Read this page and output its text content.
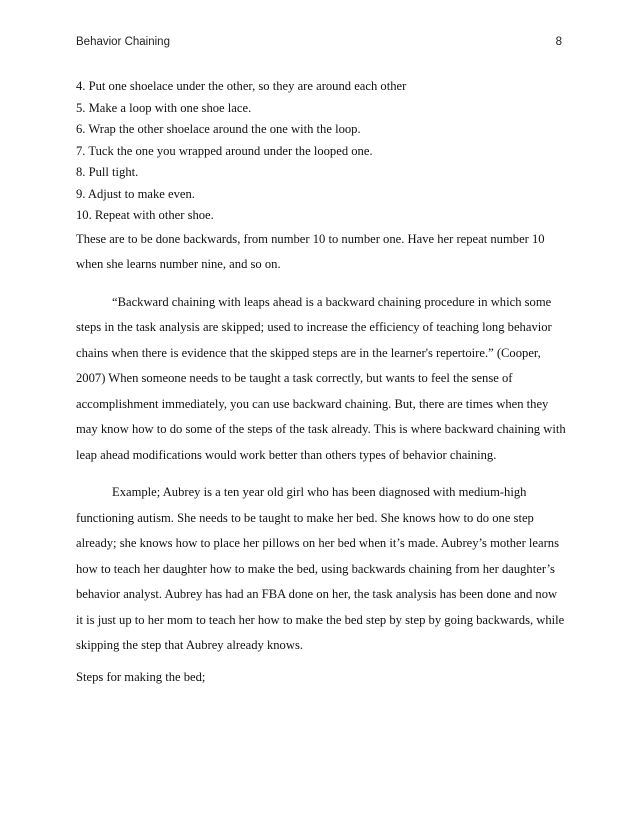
Behavior Chaining	8
4. Put one shoelace under the other, so they are around each other
5. Make a loop with one shoe lace.
6. Wrap the other shoelace around the one with the loop.
7. Tuck the one you wrapped around under the looped one.
8. Pull tight.
9. Adjust to make even.
10. Repeat with other shoe.
These are to be done backwards, from number 10 to number one. Have her repeat number 10
when she learns number nine, and so on.
“Backward chaining with leaps ahead is a backward chaining procedure in which some
steps in the task analysis are skipped; used to increase the efficiency of teaching long behavior
chains when there is evidence that the skipped steps are in the learner's repertoire.” (Cooper,
2007) When someone needs to be taught a task correctly, but wants to feel the sense of
accomplishment immediately, you can use backward chaining. But, there are times when they
may know how to do some of the steps of the task already. This is where backward chaining with
leap ahead modifications would work better than others types of behavior chaining.
Example; Aubrey is a ten year old girl who has been diagnosed with medium-high
functioning autism. She needs to be taught to make her bed. She knows how to do one step
already; she knows how to place her pillows on her bed when it’s made. Aubrey’s mother learns
how to teach her daughter how to make the bed, using backwards chaining from her daughter’s
behavior analyst. Aubrey has had an FBA done on her, the task analysis has been done and now
it is just up to her mom to teach her how to make the bed step by step by going backwards, while
skipping the step that Aubrey already knows.
Steps for making the bed;
